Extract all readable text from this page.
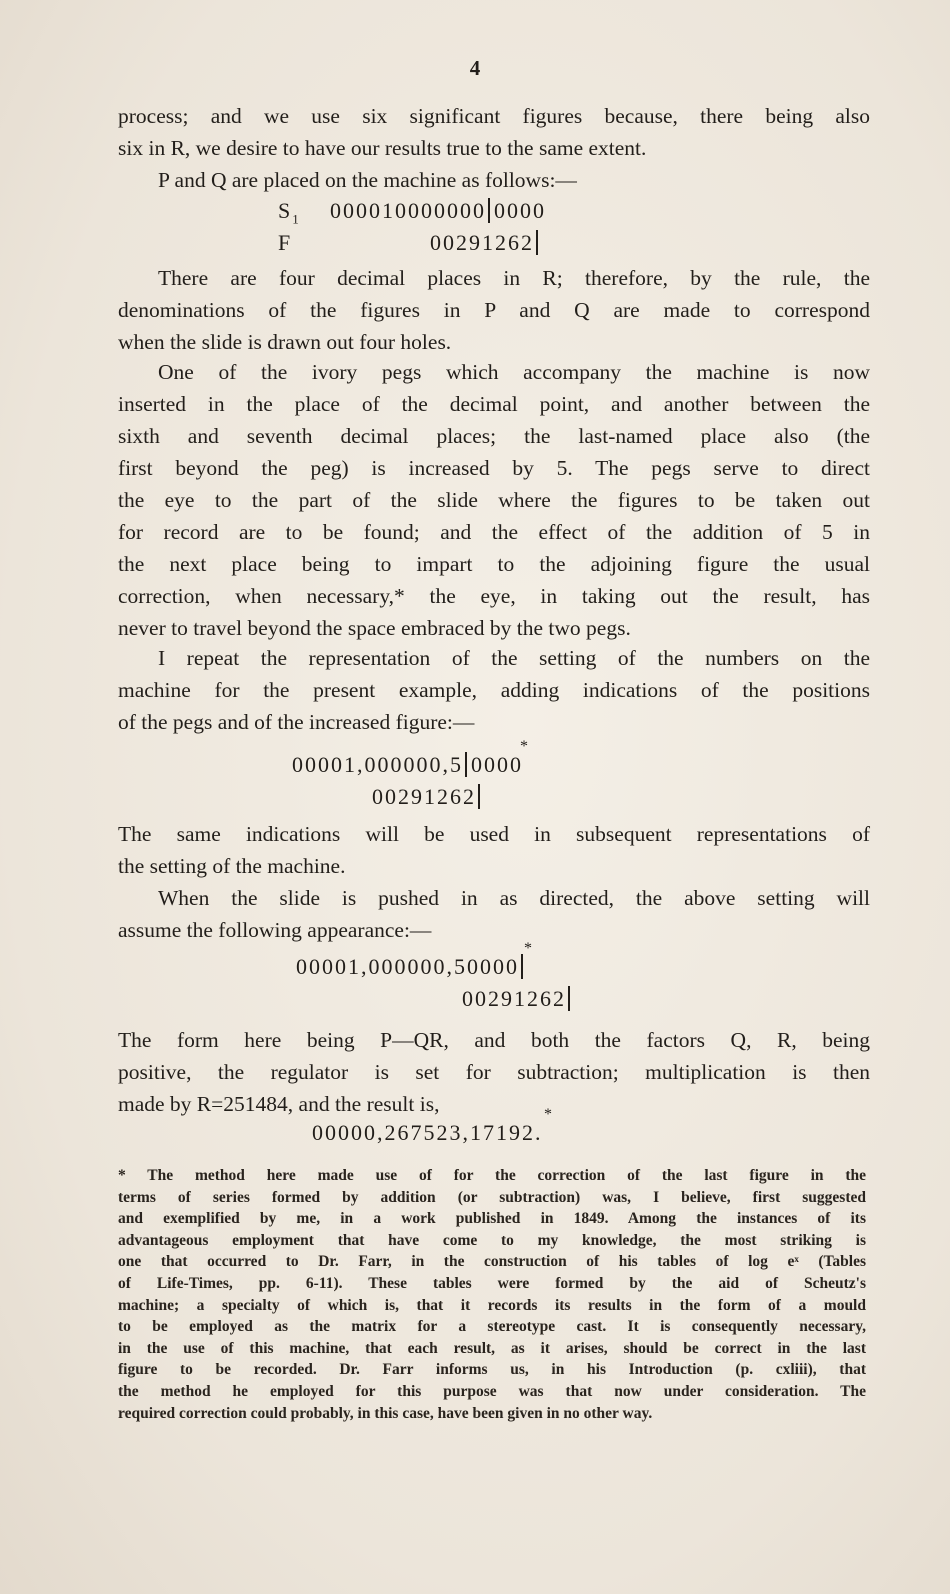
4
process; and we use six significant figures because, there being also
six in R, we desire to have our results true to the same extent.
P and Q are placed on the machine as follows:—
$S_1$ 000010000000 0000
F	00291262
There are four decimal places in R; therefore, by the rule, the
denominations of the figures in P and Q are made to correspond
when the slide is drawn out four holes.
One of the ivory pegs which accompany the machine is now
inserted in the place of the decimal point, and another between the
sixth and seventh decimal places; the last-named place also (the
first beyond the peg) is increased by 5. The pegs serve to direct
the eye to the part of the slide where the figures to be taken out
for record are to be found; and the effect of the addition of 5 in
the next place being to impart to the adjoining figure the usual
correction, when necessary,* the eye, in taking out the result, has
never to travel beyond the space embraced by the two pegs.
I repeat the representation of the setting of the numbers on the
machine for the present example, adding indications of the positions
of the pegs and of the increased figure:—
*
00001,000000,5 0000
00291262
The same indications will be used in subsequent representations of
the setting of the machine.
When the slide is pushed in as directed, the above setting will
assume the following appearance:—
*
00001,000000,50000
00291262
The form here being P—QR, and both the factors Q, R, being
positive, the regulator is set for subtraction; multiplication is then
made by R=251484, and the result is,	*
00000,267523,17192.
* The method here made use of for the correction of the last figure in the
terms of series formed by addition (or subtraction) was, I believe, first suggested
and exemplified by me, in a work published in 1849. Among the instances of its
advantageous employment that have come to my knowledge, the most striking is
one that occurred to Dr. Farr, in the construction of his tables of log eˣ (Tables
of Life-Times, pp. 6-11). These tables were formed by the aid of Scheutz's
machine; a specialty of which is, that it records its results in the form of a mould
to be employed as the matrix for a stereotype cast. It is consequently necessary,
in the use of this machine, that each result, as it arises, should be correct in the last
figure to be recorded. Dr. Farr informs us, in his Introduction (p. cxliii), that
the method he employed for this purpose was that now under consideration. The
required correction could probably, in this case, have been given in no other way.
